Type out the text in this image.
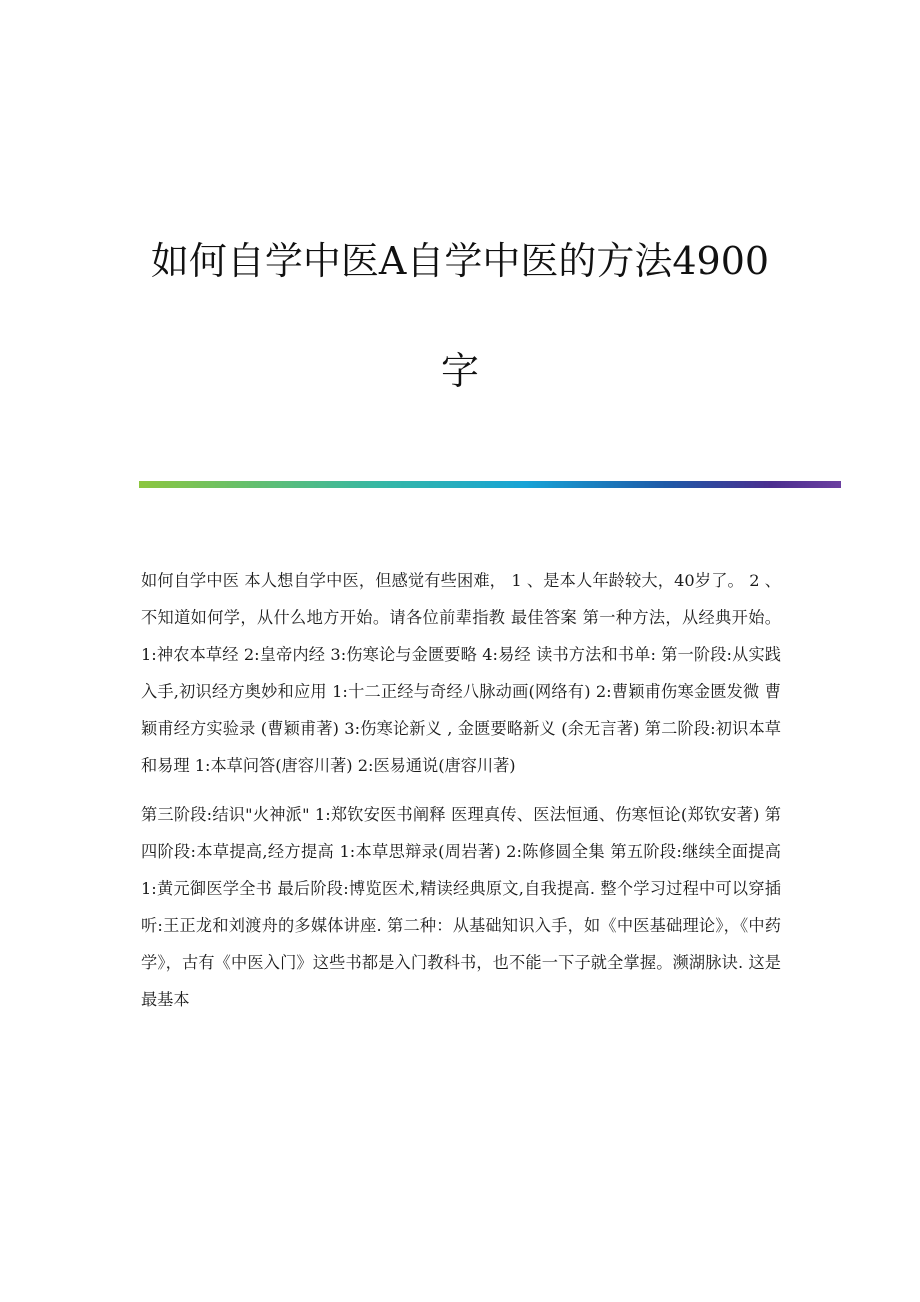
如何自学中医A自学中医的方法4900
字

如何自学中医 本人想自学中医，但感觉有些困难， 1 、是本人年龄较大，40岁了。 2 、不知道如何学，从什么地方开始。请各位前辈指教 最佳答案 第一种方法，从经典开始。 1:神农本草经 2:皇帝内经 3:伤寒论与金匮要略 4:易经 读书方法和书单: 第一阶段:从实践入手,初识经方奥妙和应用 1:十二正经与奇经八脉动画(网络有) 2:曹颖甫伤寒金匮发微 曹颖甫经方实验录 (曹颖甫著) 3:伤寒论新义 , 金匮要略新义 (余无言著) 第二阶段:初识本草和易理 1:本草问答(唐容川著) 2:医易通说(唐容川著)

第三阶段:结识"火神派" 1:郑钦安医书阐释 医理真传、医法恒通、伤寒恒论(郑钦安著) 第四阶段:本草提高,经方提高 1:本草思辩录(周岩著) 2:陈修圆全集 第五阶段:继续全面提高 1:黄元御医学全书 最后阶段:博览医术,精读经典原文,自我提高. 整个学习过程中可以穿插听:王正龙和刘渡舟的多媒体讲座. 第二种：从基础知识入手，如《中医基础理论》，《中药学》，古有《中医入门》这些书都是入门教科书，也不能一下子就全掌握。濒湖脉诀. 这是最基本
